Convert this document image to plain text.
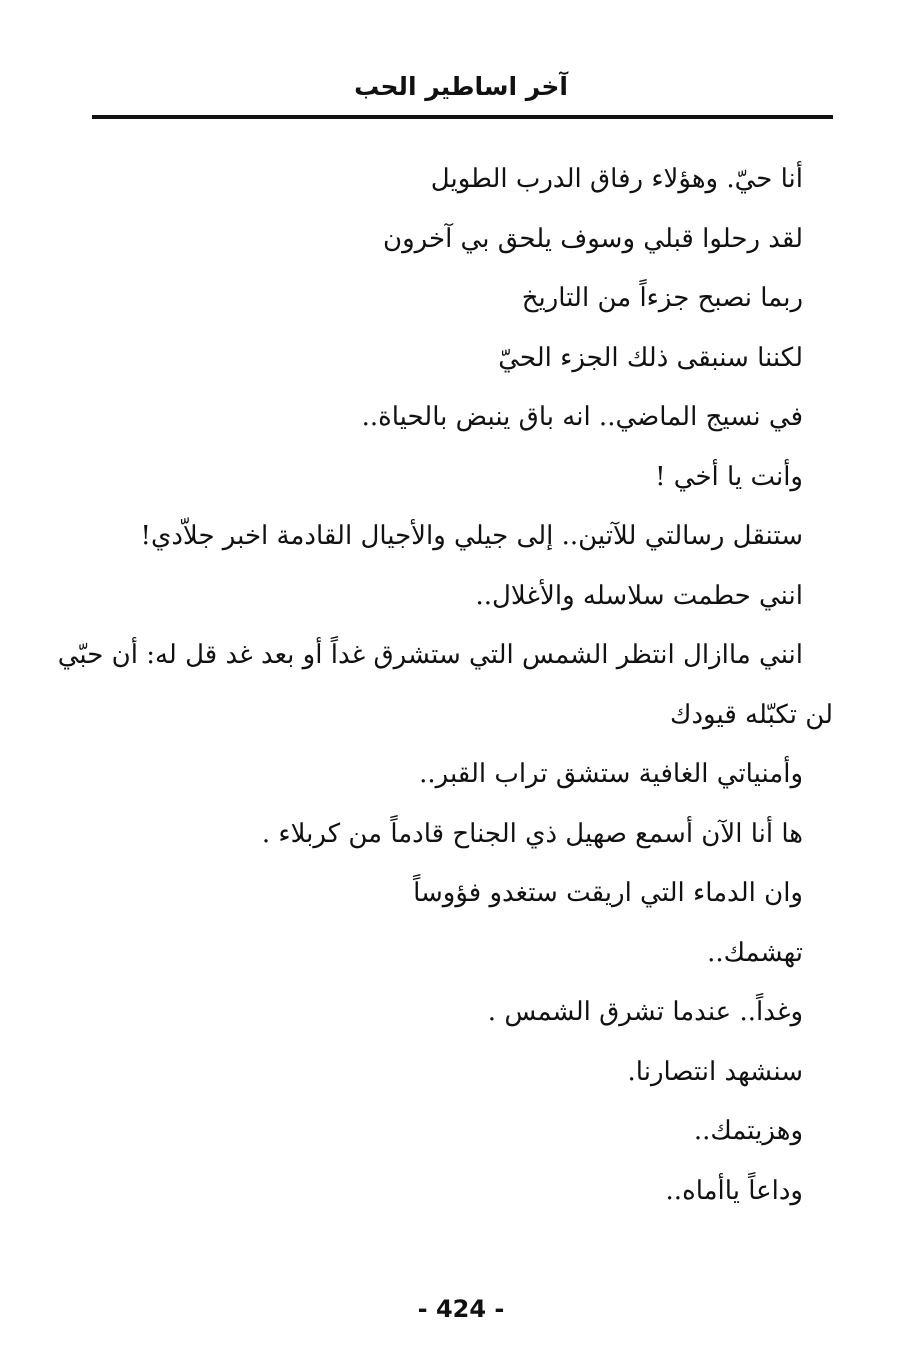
آخر اساطير الحب
أنا حيّ. وهؤلاء رفاق الدرب الطويل
لقد رحلوا قبلي وسوف يلحق بي آخرون
ربما نصبح جزءاً من التاريخ
لكننا سنبقى ذلك الجزء الحيّ
في نسيج الماضي.. انه باق ينبض بالحياة..
وأنت يا أخي !
ستنقل رسالتي للآتين.. إلى جيلي والأجيال القادمة اخبر جلاّدي!
انني حطمت سلاسله والأغلال..
انني ماازال انتظر الشمس التي ستشرق غداً أو بعد غد قل له: أن حبّي
لن تكبّله قيودك
وأمنياتي الغافية ستشق تراب القبر..
ها أنا الآن أسمع صهيل ذي الجناح قادماً من كربلاء .
وان الدماء التي اريقت ستغدو فؤوساً
تهشمك..
وغداً.. عندما تشرق الشمس .
سنشهد انتصارنا.
وهزيتمك..
وداعاً ياأماه..
- 424 -
